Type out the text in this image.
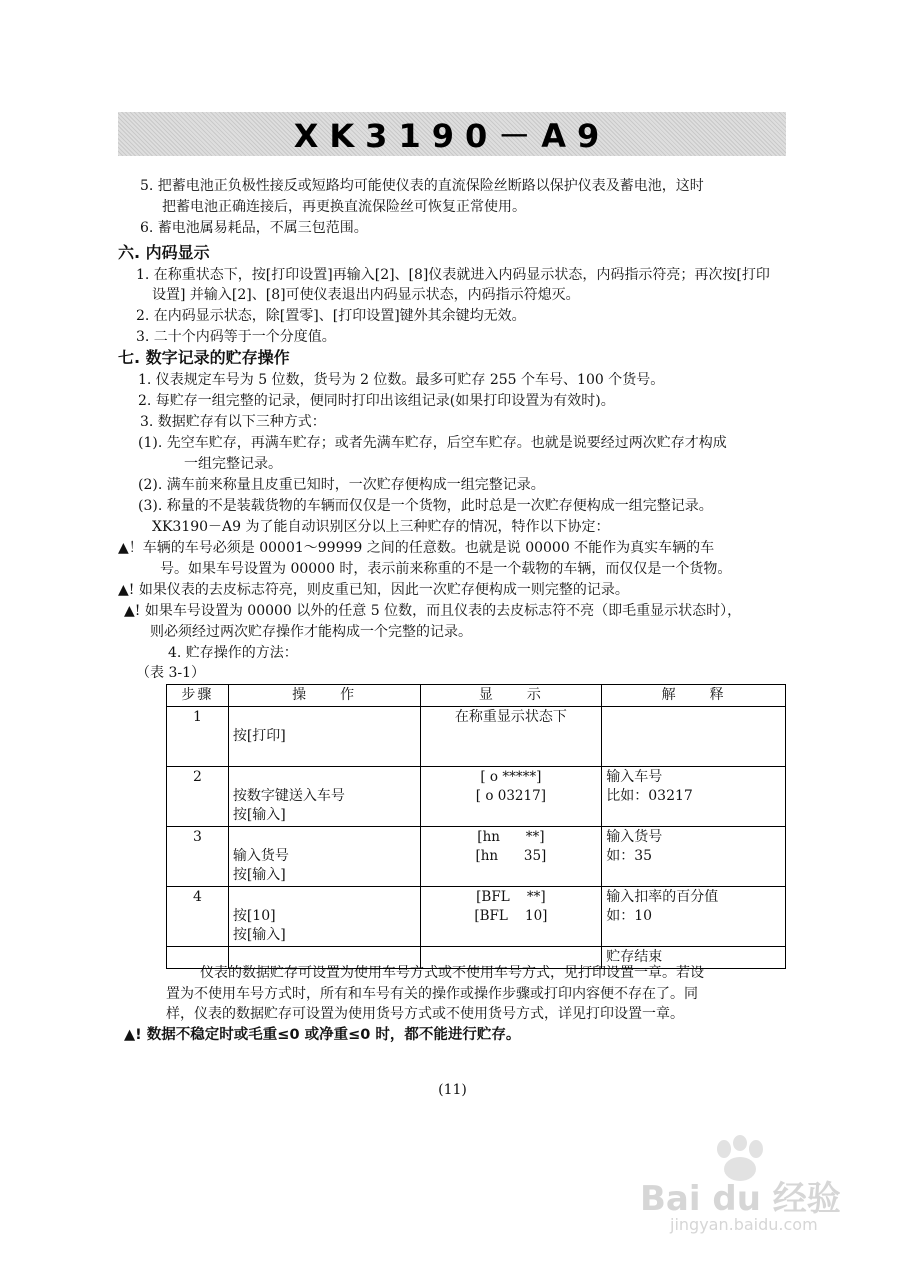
XK3190－A9
5. 把蓄电池正负极性接反或短路均可能使仪表的直流保险丝断路以保护仪表及蓄电池，这时
把蓄电池正确连接后，再更换直流保险丝可恢复正常使用。
6. 蓄电池属易耗品，不属三包范围。
六. 内码显示
1. 在称重状态下，按[打印设置]再输入[2]、[8]仪表就进入内码显示状态，内码指示符亮；再次按[打印
设置] 并输入[2]、[8]可使仪表退出内码显示状态，内码指示符熄灭。
2. 在内码显示状态，除[置零]、[打印设置]键外其余键均无效。
3. 二十个内码等于一个分度值。
七. 数字记录的贮存操作
1. 仪表规定车号为 5 位数，货号为 2 位数。最多可贮存 255 个车号、100 个货号。
2. 每贮存一组完整的记录，便同时打印出该组记录(如果打印设置为有效时)。
3. 数据贮存有以下三种方式：
(1). 先空车贮存，再满车贮存；或者先满车贮存，后空车贮存。也就是说要经过两次贮存才构成
一组完整记录。
(2). 满车前来称量且皮重已知时，一次贮存便构成一组完整记录。
(3). 称量的不是装载货物的车辆而仅仅是一个货物，此时总是一次贮存便构成一组完整记录。
XK3190－A9 为了能自动识别区分以上三种贮存的情况，特作以下协定：
▲！车辆的车号必须是 00001～99999 之间的任意数。也就是说 00000 不能作为真实车辆的车
号。如果车号设置为 00000 时，表示前来称重的不是一个载物的车辆，而仅仅是一个货物。
▲! 如果仪表的去皮标志符亮，则皮重已知，因此一次贮存便构成一则完整的记录。
▲! 如果车号设置为 00000 以外的任意 5 位数，而且仪表的去皮标志符不亮（即毛重显示状态时），
则必须经过两次贮存操作才能构成一个完整的记录。
4. 贮存操作的方法：
（表 3-1）
步骤	操　　作	显　　示	解　　释

1	按[打印]	在称重显示状态下	

2	按数字键送入车号
按[输入]	[ o *****]
[ o 03217]	输入车号
比如：03217

3	输入货号
按[输入]	[hn      **]
[hn      35]	输入货号
如：35

4	按[10]
按[输入]	[BFL    **]
[BFL    10]	输入扣率的百分值
如：10

			贮存结束
仪表的数据贮存可设置为使用车号方式或不使用车号方式，见打印设置一章。若设
置为不使用车号方式时，所有和车号有关的操作或操作步骤或打印内容便不存在了。同
样，仪表的数据贮存可设置为使用货号方式或不使用货号方式，详见打印设置一章。
▲! 数据不稳定时或毛重≤0 或净重≤0 时，都不能进行贮存。
(11)
Bai du 经验
jingyan.baidu.com
